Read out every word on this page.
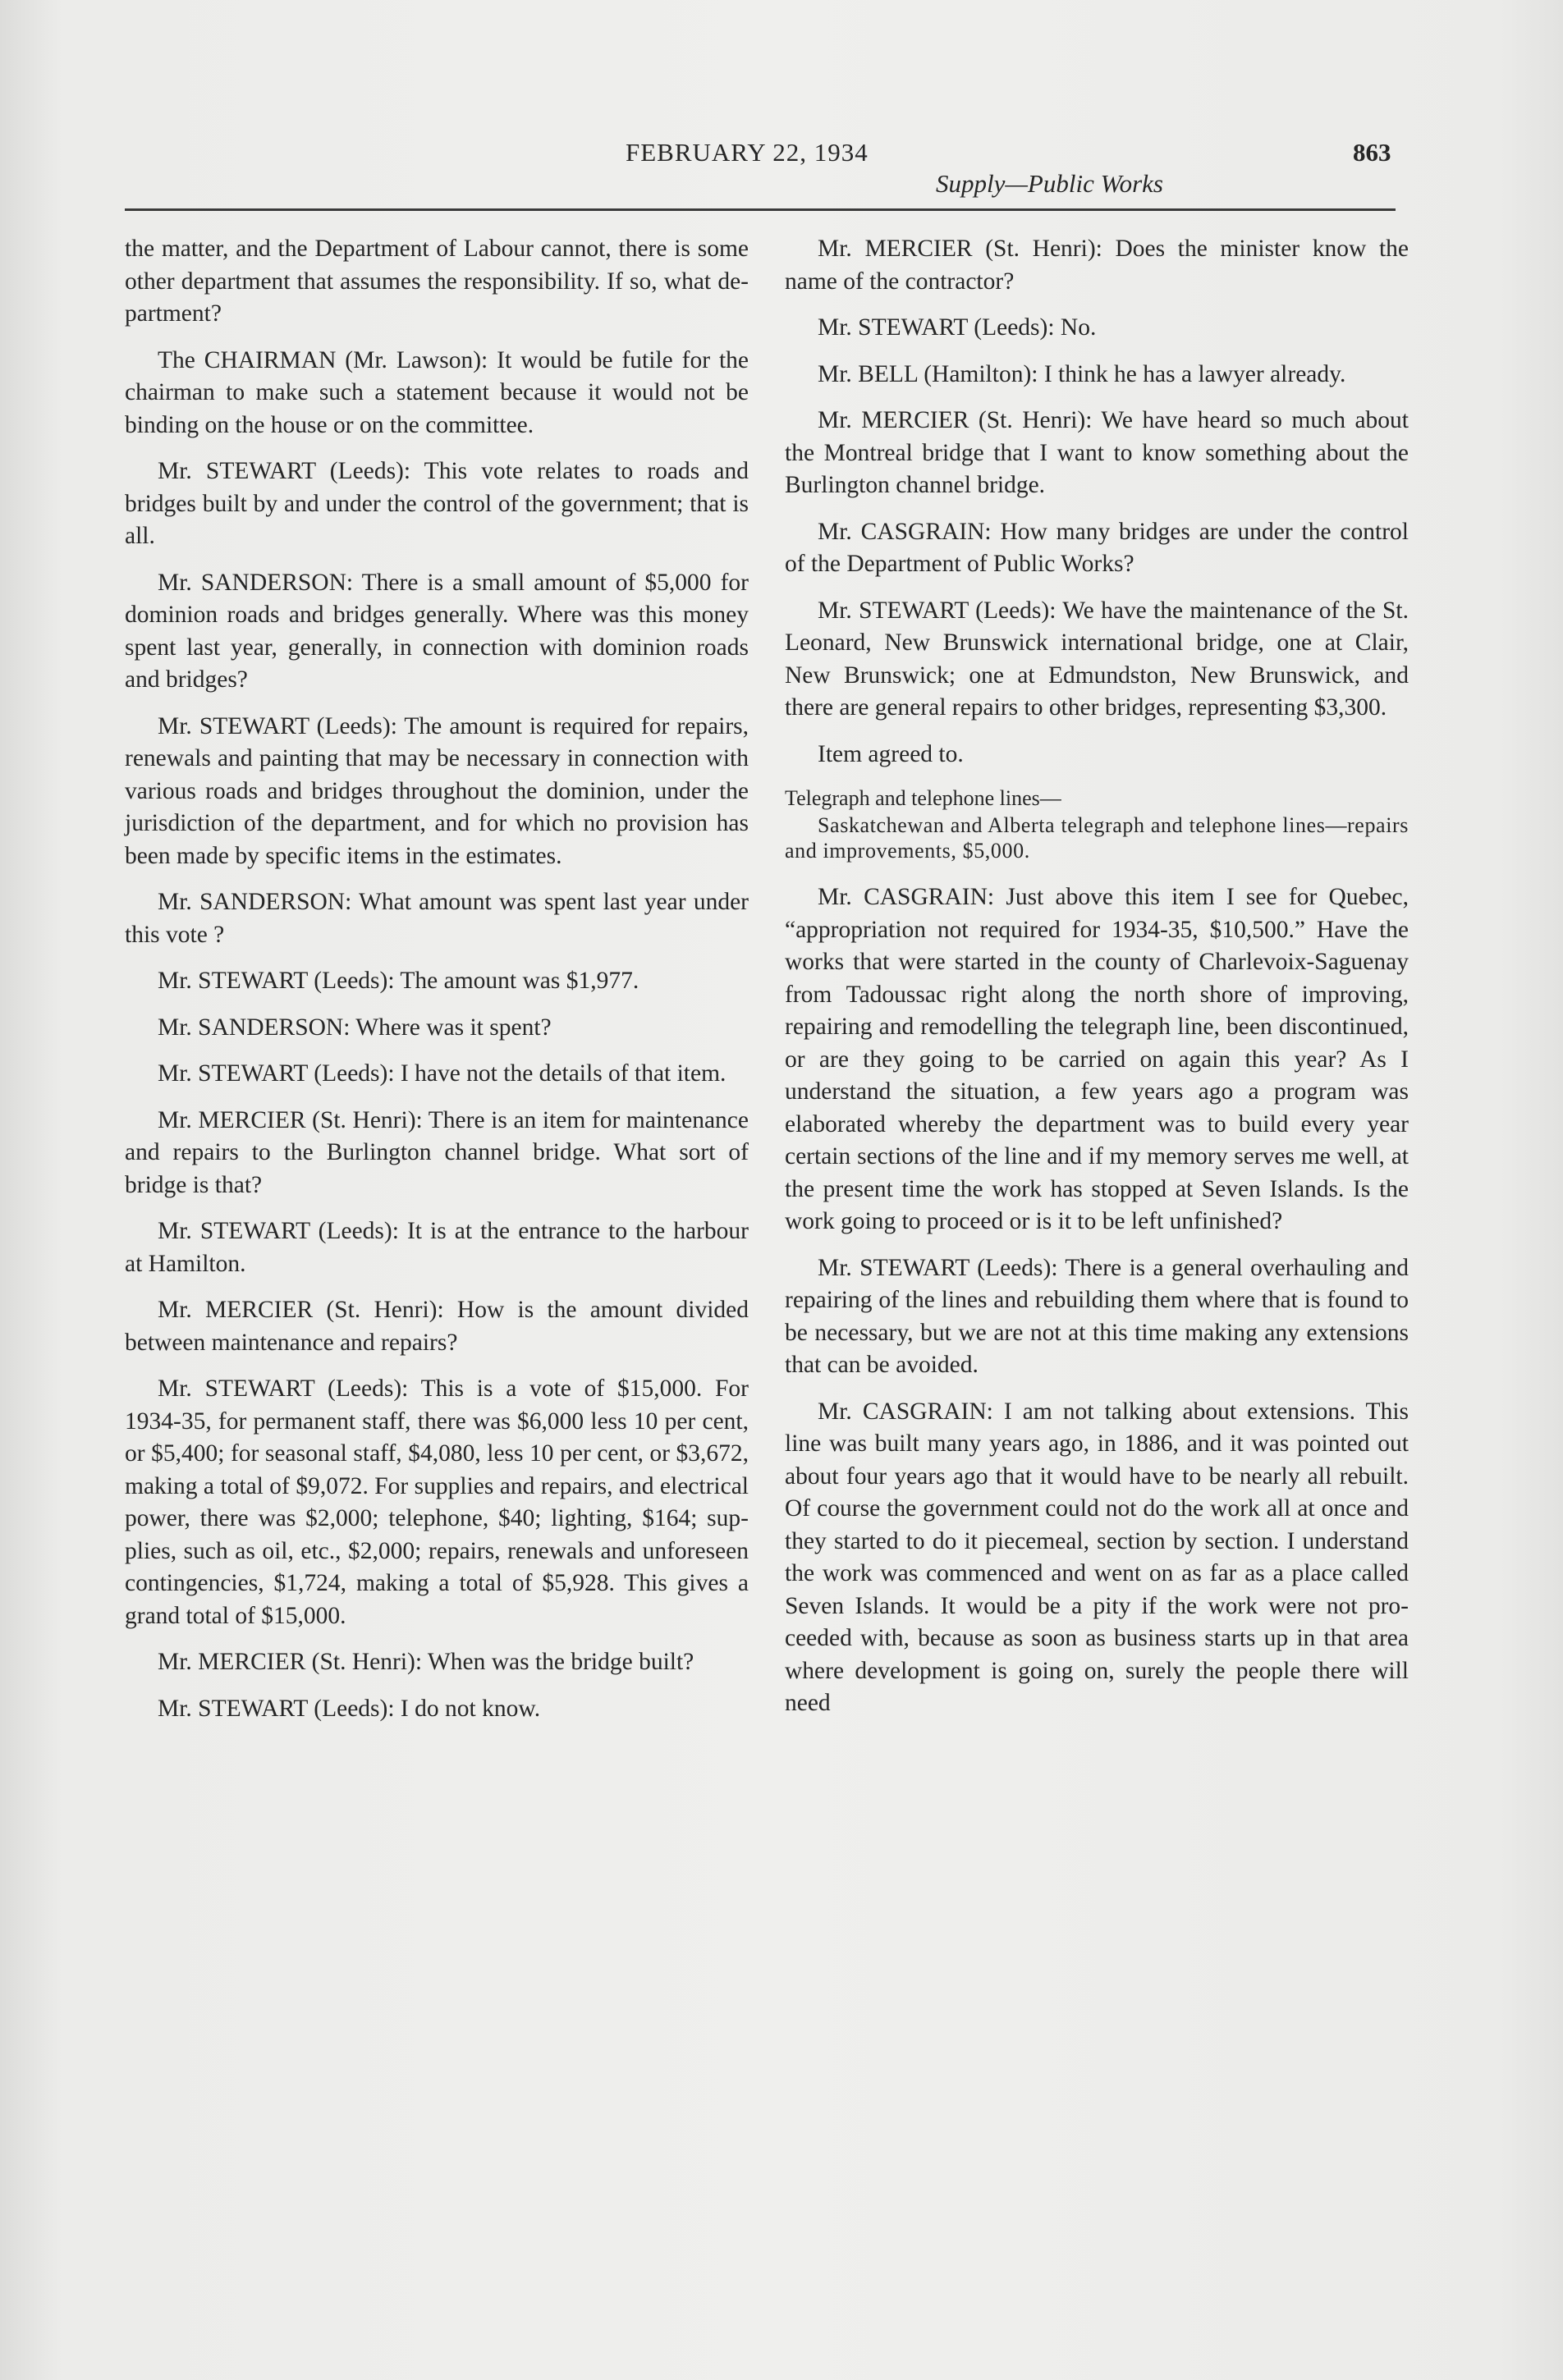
FEBRUARY 22, 1934	863
Supply—Public Works

the matter, and the Department of Labour cannot, there is some other department that assumes the responsibility. If so, what department?

The CHAIRMAN (Mr. Lawson): It would be futile for the chairman to make such a statement because it would not be binding on the house or on the committee.

Mr. STEWART (Leeds): This vote relates to roads and bridges built by and under the control of the government; that is all.

Mr. SANDERSON: There is a small amount of $5,000 for dominion roads and bridges generally. Where was this money spent last year, generally, in connection with dominion roads and bridges?

Mr. STEWART (Leeds): The amount is required for repairs, renewals and painting that may be necessary in connection with various roads and bridges throughout the dominion, under the jurisdiction of the department, and for which no provision has been made by specific items in the estimates.

Mr. SANDERSON: What amount was spent last year under this vote ?

Mr. STEWART (Leeds): The amount was $1,977.

Mr. SANDERSON: Where was it spent?

Mr. STEWART (Leeds): I have not the details of that item.

Mr. MERCIER (St. Henri): There is an item for maintenance and repairs to the Burlington channel bridge. What sort of bridge is that?

Mr. STEWART (Leeds): It is at the entrance to the harbour at Hamilton.

Mr. MERCIER (St. Henri): How is the amount divided between maintenance and repairs?

Mr. STEWART (Leeds): This is a vote of $15,000. For 1934-35, for permanent staff, there was $6,000 less 10 per cent, or $5,400; for seasonal staff, $4,080, less 10 per cent, or $3,672, making a total of $9,072. For supplies and repairs, and electrical power, there was $2,000; telephone, $40; lighting, $164; supplies, such as oil, etc., $2,000; repairs, renewals and unforeseen contingencies, $1,724, making a total of $5,928. This gives a grand total of $15,000.

Mr. MERCIER (St. Henri): When was the bridge built?

Mr. STEWART (Leeds): I do not know.

Mr. MERCIER (St. Henri): Does the minister know the name of the contractor?

Mr. STEWART (Leeds): No.

Mr. BELL (Hamilton): I think he has a lawyer already.

Mr. MERCIER (St. Henri): We have heard so much about the Montreal bridge that I want to know something about the Burlington channel bridge.

Mr. CASGRAIN: How many bridges are under the control of the Department of Public Works?

Mr. STEWART (Leeds): We have the maintenance of the St. Leonard, New Brunswick international bridge, one at Clair, New Brunswick; one at Edmundston, New Brunswick, and there are general repairs to other bridges, representing $3,300.

Item agreed to.

Telegraph and telephone lines—

Saskatchewan and Alberta telegraph and telephone lines—repairs and improvements, $5,000.

Mr. CASGRAIN: Just above this item I see for Quebec, “appropriation not required for 1934-35, $10,500.” Have the works that were started in the county of Charlevoix-Saguenay from Tadoussac right along the north shore of improving, repairing and remodelling the telegraph line, been discontinued, or are they going to be carried on again this year? As I understand the situation, a few years ago a program was elaborated whereby the department was to build every year certain sections of the line and if my memory serves me well, at the present time the work has stopped at Seven Islands. Is the work going to proceed or is it to be left unfinished?

Mr. STEWART (Leeds): There is a general overhauling and repairing of the lines and rebuilding them where that is found to be necessary, but we are not at this time making any extensions that can be avoided.

Mr. CASGRAIN: I am not talking about extensions. This line was built many years ago, in 1886, and it was pointed out about four years ago that it would have to be nearly all rebuilt. Of course the government could not do the work all at once and they started to do it piecemeal, section by section. I understand the work was commenced and went on as far as a place called Seven Islands. It would be a pity if the work were not proceeded with, because as soon as business starts up in that area where development is going on, surely the people there will need
